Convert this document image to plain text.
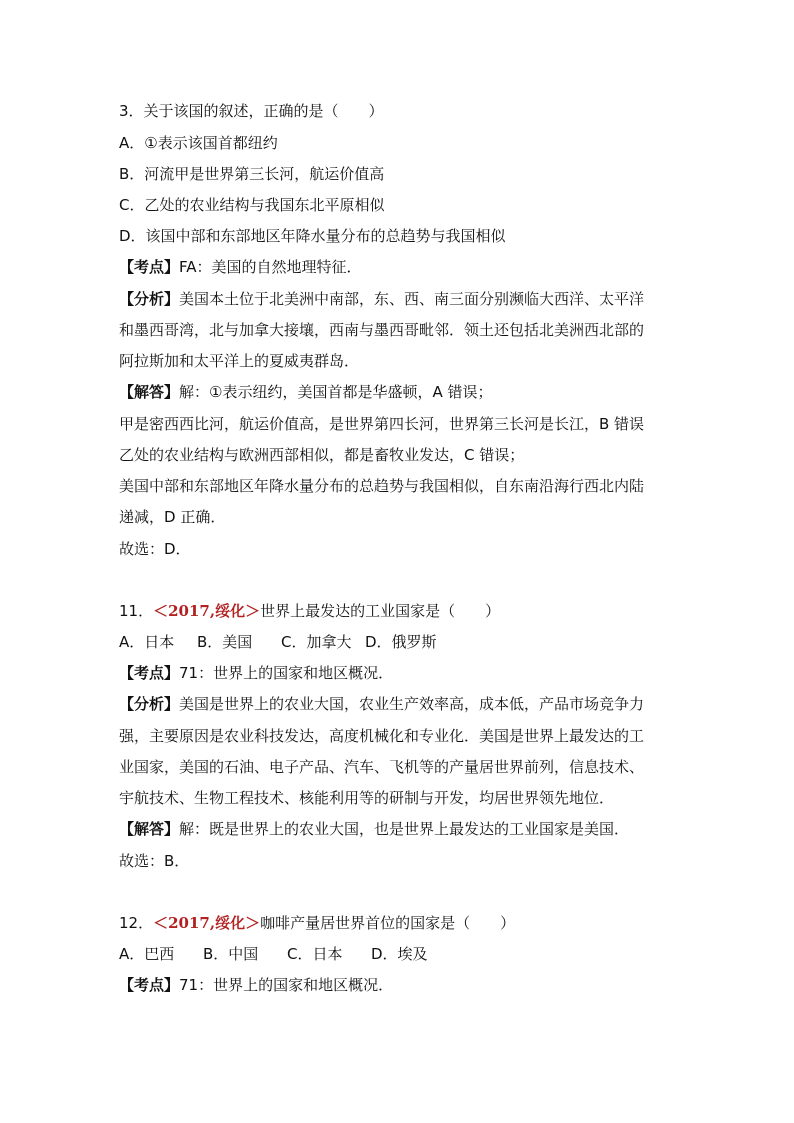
3．关于该国的叙述，正确的是（　　）
A．①表示该国首都纽约
B．河流甲是世界第三长河，航运价值高
C．乙处的农业结构与我国东北平原相似
D．该国中部和东部地区年降水量分布的总趋势与我国相似
【考点】FA：美国的自然地理特征．
【分析】美国本土位于北美洲中南部，东、西、南三面分别濒临大西洋、太平洋
和墨西哥湾，北与加拿大接壤，西南与墨西哥毗邻．领土还包括北美洲西北部的
阿拉斯加和太平洋上的夏威夷群岛．
【解答】解：①表示纽约，美国首都是华盛顿，A 错误；
甲是密西西比河，航运价值高，是世界第四长河，世界第三长河是长江，B 错误
乙处的农业结构与欧洲西部相似，都是畜牧业发达，C 错误；
美国中部和东部地区年降水量分布的总趋势与我国相似，自东南沿海行西北内陆
递减，D 正确．
故选：D．
11．＜2017,绥化＞世界上最发达的工业国家是（　　）
A．日本 B．美国 C．加拿大 D．俄罗斯
【考点】71：世界上的国家和地区概况．
【分析】美国是世界上的农业大国，农业生产效率高，成本低，产品市场竞争力
强，主要原因是农业科技发达，高度机械化和专业化．美国是世界上最发达的工
业国家，美国的石油、电子产品、汽车、飞机等的产量居世界前列，信息技术、
宇航技术、生物工程技术、核能利用等的研制与开发，均居世界领先地位．
【解答】解：既是世界上的农业大国，也是世界上最发达的工业国家是美国．
故选：B．
12．＜2017,绥化＞咖啡产量居世界首位的国家是（　　）
A．巴西 B．中国 C．日本 D．埃及
【考点】71：世界上的国家和地区概况．
